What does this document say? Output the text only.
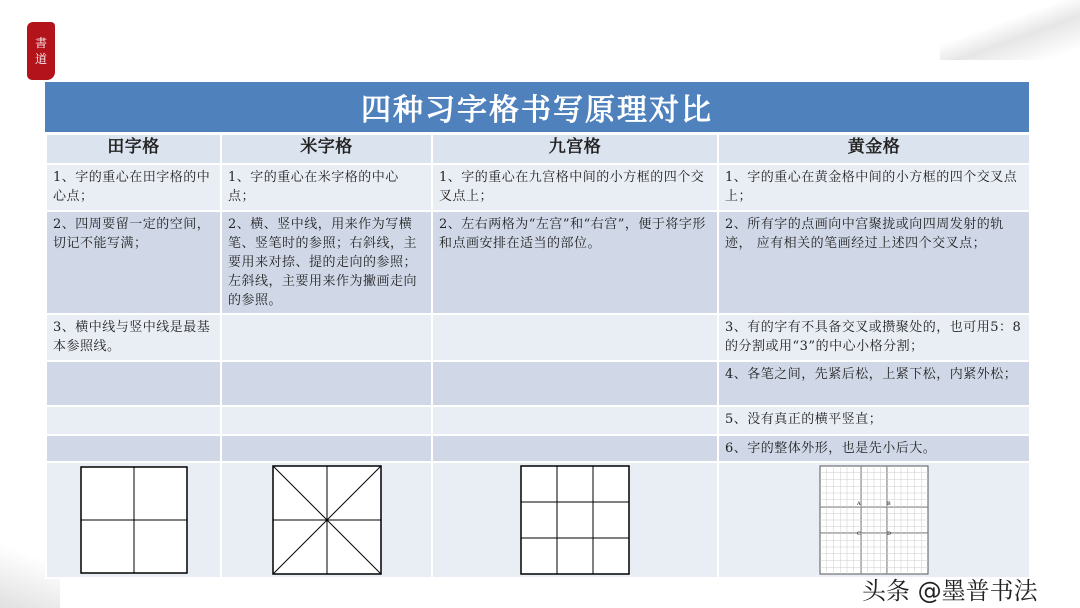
書
道
四种习字格书写原理对比
田字格	米字格	九宫格	黄金格
1、字的重心在田字格的中心点；	1、字的重心在米字格的中心点；	1、字的重心在九宫格中间的小方框的四个交叉点上；	1、字的重心在黄金格中间的小方框的四个交叉点上；
2、四周要留一定的空间，切记不能写满；	2、横、竖中线，用来作为写横笔、竖笔时的参照；右斜线，主要用来对捺、提的走向的参照；左斜线，主要用来作为撇画走向的参照。	2、左右两格为“左宫”和“右宫”，便于将字形和点画安排在适当的部位。	2、所有字的点画向中宫聚拢或向四周发射的轨迹， 应有相关的笔画经过上述四个交叉点；
3、横中线与竖中线是最基本参照线。			3、有的字有不具备交叉或攒聚处的，也可用5：8的分割或用“3”的中心小格分割；
			4、各笔之间，先紧后松，上紧下松，内紧外松；
			5、没有真正的横平竖直；
			6、字的整体外形，也是先小后大。

A B
C D
头条 @墨普书法
